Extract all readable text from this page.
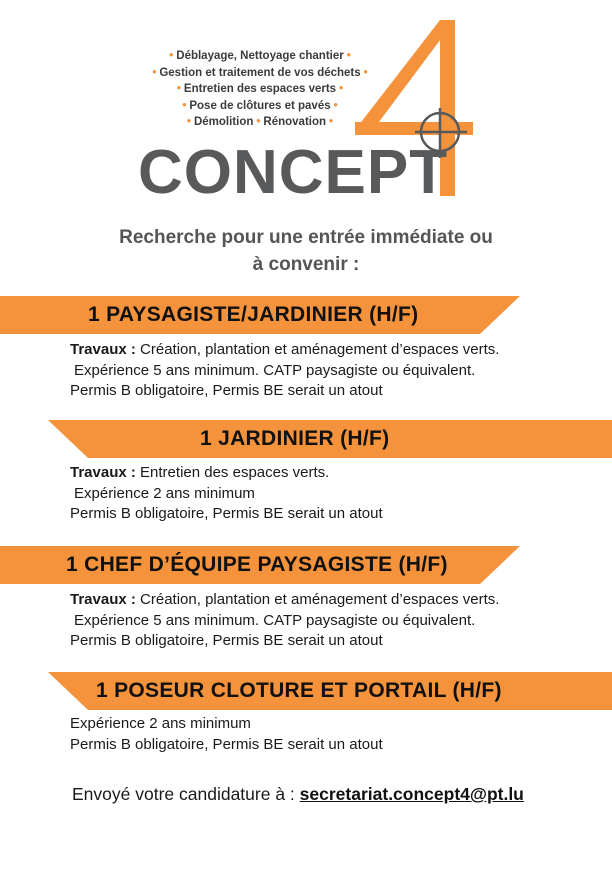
• Déblayage, Nettoyage chantier •
• Gestion et traitement de vos déchets •
• Entretien des espaces verts •
• Pose de clôtures et pavés •
• Démolition • Rénovation •
CONCEPT
Recherche pour une entrée immédiate ou
à convenir :
1 PAYSAGISTE/JARDINIER (H/F)
Travaux : Création, plantation et aménagement d’espaces verts.
Expérience 5 ans minimum. CATP paysagiste ou équivalent.
Permis B obligatoire, Permis BE serait un atout
1 JARDINIER (H/F)
Travaux : Entretien des espaces verts.
Expérience 2 ans minimum
Permis B obligatoire, Permis BE serait un atout
1 CHEF D’ÉQUIPE PAYSAGISTE (H/F)
Travaux : Création, plantation et aménagement d’espaces verts.
Expérience 5 ans minimum. CATP paysagiste ou équivalent.
Permis B obligatoire, Permis BE serait un atout
1 POSEUR CLOTURE ET PORTAIL (H/F)
Expérience 2 ans minimum
Permis B obligatoire, Permis BE serait un atout
Envoyé votre candidature à : secretariat.concept4@pt.lu
